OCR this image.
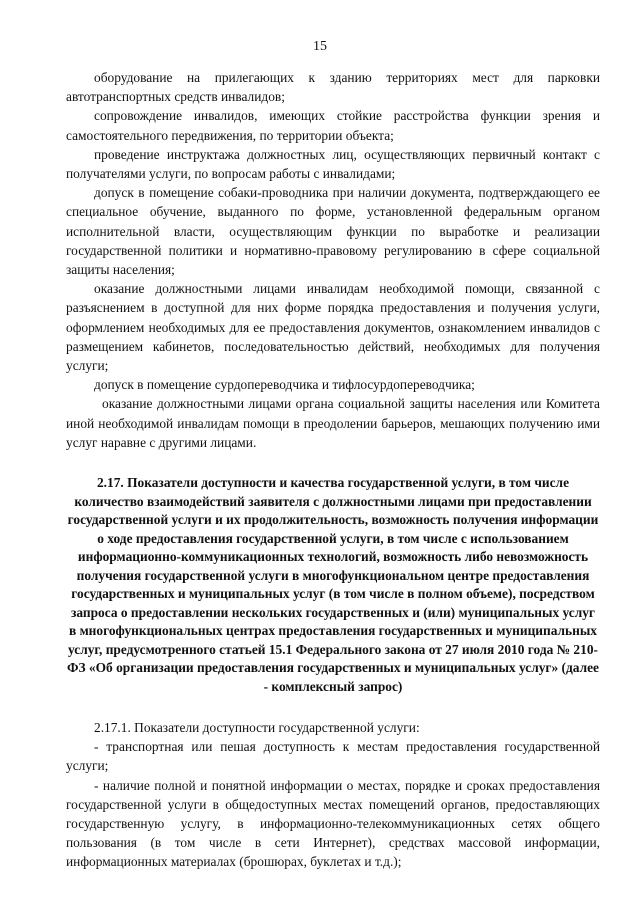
15

оборудование на прилегающих к зданию территориях мест для парковки автотранспортных средств инвалидов;

сопровождение инвалидов, имеющих стойкие расстройства функции зрения и самостоятельного передвижения, по территории объекта;

проведение инструктажа должностных лиц, осуществляющих первичный контакт с получателями услуги, по вопросам работы с инвалидами;

допуск в помещение собаки-проводника при наличии документа, подтверждающего ее специальное обучение, выданного по форме, установленной федеральным органом исполнительной власти, осуществляющим функции по выработке и реализации государственной политики и нормативно-правовому регулированию в сфере социальной защиты населения;

оказание должностными лицами инвалидам необходимой помощи, связанной с разъяснением в доступной для них форме порядка предоставления и получения услуги, оформлением необходимых для ее предоставления документов, ознакомлением инвалидов с размещением кабинетов, последовательностью действий, необходимых для получения услуги;

допуск в помещение сурдопереводчика и тифлосурдопереводчика;

оказание должностными лицами органа социальной защиты населения или Комитета иной необходимой инвалидам помощи в преодолении барьеров, мешающих получению ими услуг наравне с другими лицами.

2.17. Показатели доступности и качества государственной услуги, в том числе количество взаимодействий заявителя с должностными лицами при предоставлении государственной услуги и их продолжительность, возможность получения информации о ходе предоставления государственной услуги, в том числе с использованием информационно-коммуникационных технологий, возможность либо невозможность получения государственной услуги в многофункциональном центре предоставления государственных и муниципальных услуг (в том числе в полном объеме), посредством запроса о предоставлении нескольких государственных и (или) муниципальных услуг в многофункциональных центрах предоставления государственных и муниципальных услуг, предусмотренного статьей 15.1 Федерального закона от 27 июля 2010 года № 210-ФЗ «Об организации предоставления государственных и муниципальных услуг» (далее - комплексный запрос)

2.17.1. Показатели доступности государственной услуги:

- транспортная или пешая доступность к местам предоставления государственной услуги;

- наличие полной и понятной информации о местах, порядке и сроках предоставления государственной услуги в общедоступных местах помещений органов, предоставляющих государственную услугу, в информационно-телекоммуникационных сетях общего пользования (в том числе в сети Интернет), средствах массовой информации, информационных материалах (брошюрах, буклетах и т.д.);
